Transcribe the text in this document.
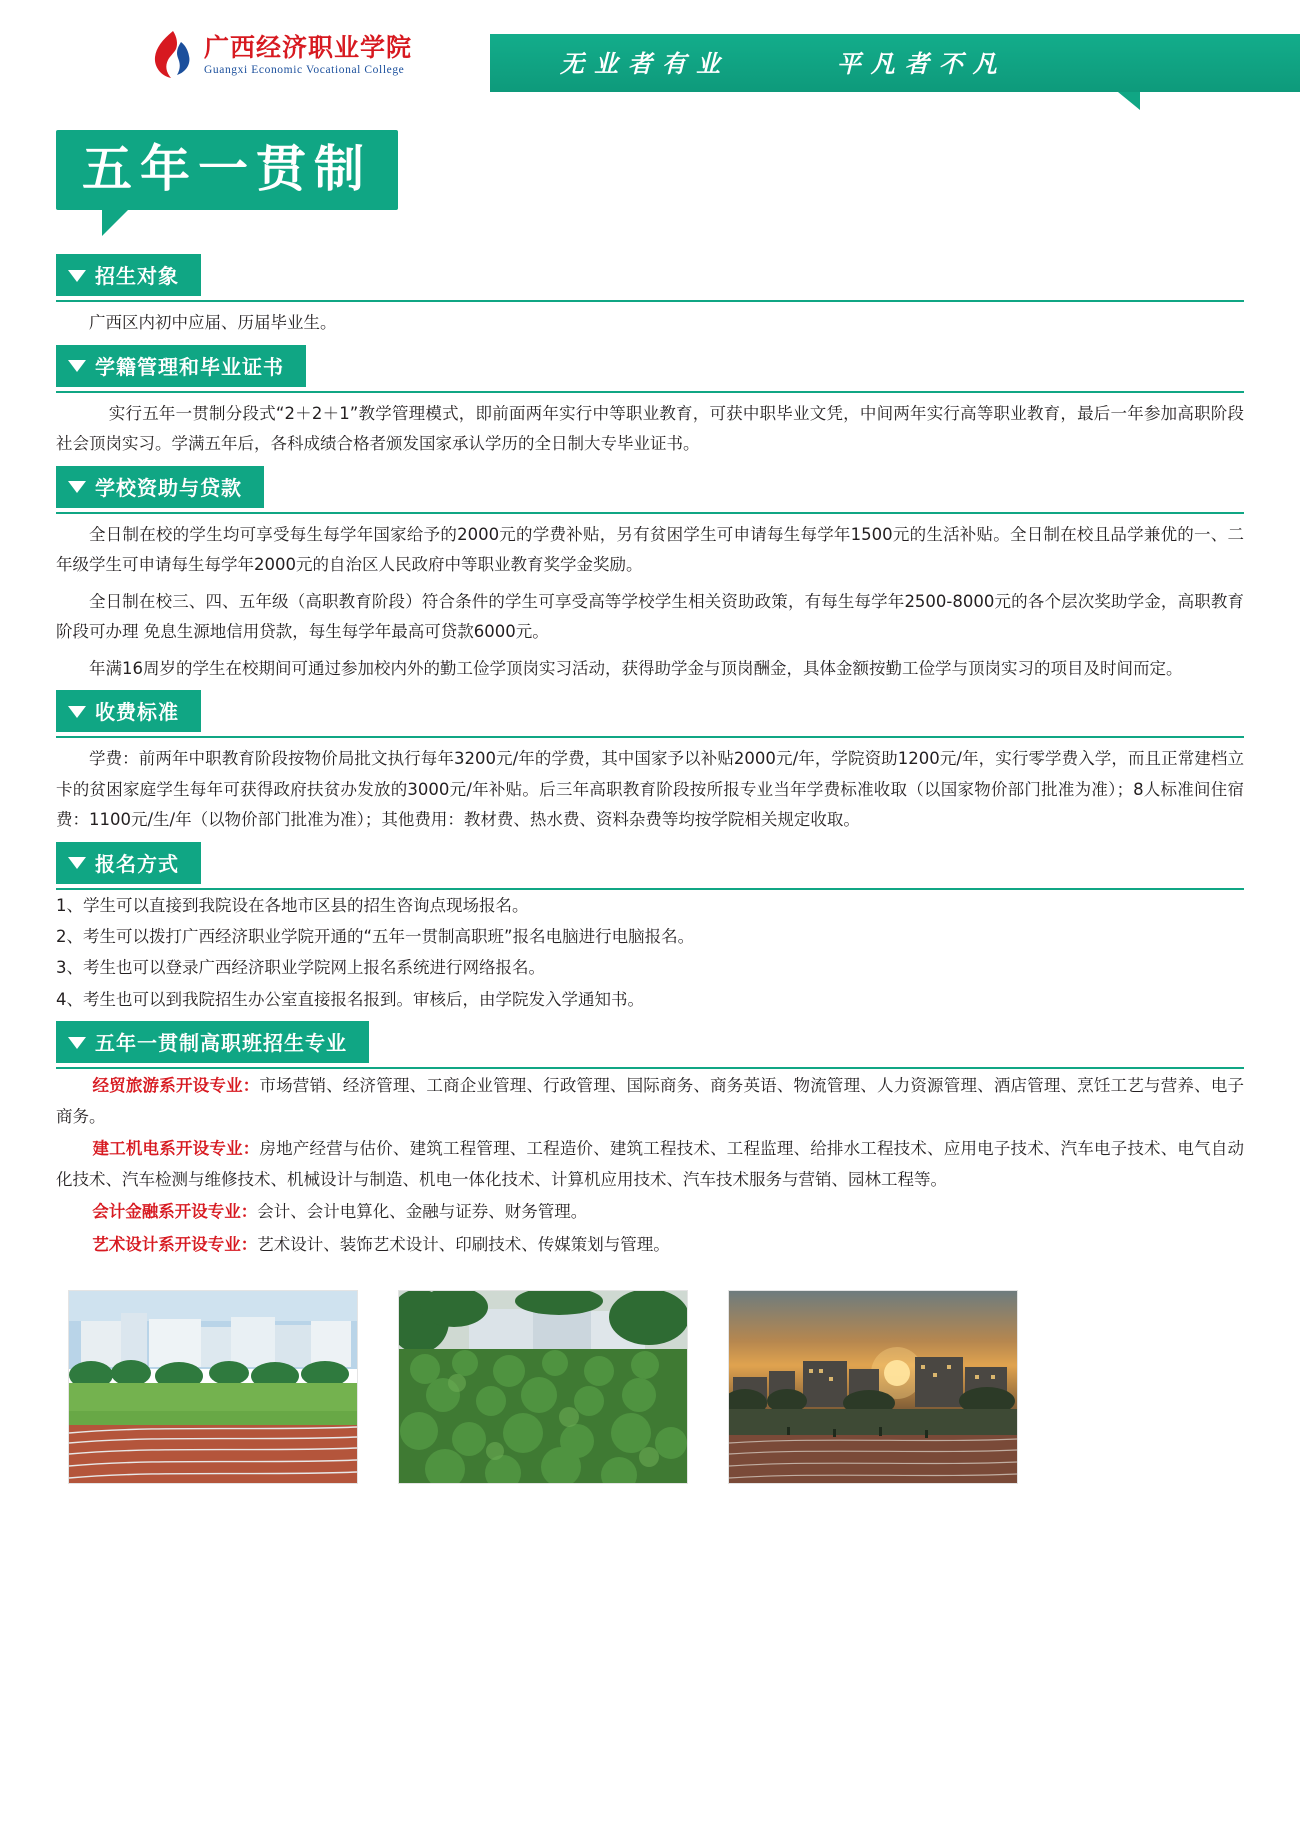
广西经济职业学院
Guangxi Economic Vocational College	无业者有业	平凡者不凡
五年一贯制
招生对象

广西区内初中应届、历届毕业生。

学籍管理和毕业证书

实行五年一贯制分段式“2＋2＋1”教学管理模式，即前面两年实行中等职业教育，可获中职毕业文凭，中间两年实行高等职业教育，最后一年参加高职阶段社会顶岗实习。学满五年后，各科成绩合格者颁发国家承认学历的全日制大专毕业证书。

学校资助与贷款

全日制在校的学生均可享受每生每学年国家给予的2000元的学费补贴，另有贫困学生可申请每生每学年1500元的生活补贴。全日制在校且品学兼优的一、二年级学生可申请每生每学年2000元的自治区人民政府中等职业教育奖学金奖励。

全日制在校三、四、五年级（高职教育阶段）符合条件的学生可享受高等学校学生相关资助政策，有每生每学年2500-8000元的各个层次奖助学金，高职教育阶段可办理 免息生源地信用贷款，每生每学年最高可贷款6000元。

年满16周岁的学生在校期间可通过参加校内外的勤工俭学顶岗实习活动，获得助学金与顶岗酬金，具体金额按勤工俭学与顶岗实习的项目及时间而定。

收费标准

学费：前两年中职教育阶段按物价局批文执行每年3200元/年的学费，其中国家予以补贴2000元/年，学院资助1200元/年，实行零学费入学，而且正常建档立卡的贫困家庭学生每年可获得政府扶贫办发放的3000元/年补贴。后三年高职教育阶段按所报专业当年学费标准收取（以国家物价部门批准为准）；8人标准间住宿费：1100元/生/年（以物价部门批准为准）；其他费用：教材费、热水费、资料杂费等均按学院相关规定收取。

报名方式

1、学生可以直接到我院设在各地市区县的招生咨询点现场报名。

2、考生可以拨打广西经济职业学院开通的“五年一贯制高职班”报名电脑进行电脑报名。

3、考生也可以登录广西经济职业学院网上报名系统进行网络报名。

4、考生也可以到我院招生办公室直接报名报到。审核后，由学院发入学通知书。

五年一贯制高职班招生专业

经贸旅游系开设专业：市场营销、经济管理、工商企业管理、行政管理、国际商务、商务英语、物流管理、人力资源管理、酒店管理、烹饪工艺与营养、电子商务。

建工机电系开设专业：房地产经营与估价、建筑工程管理、工程造价、建筑工程技术、工程监理、给排水工程技术、应用电子技术、汽车电子技术、电气自动化技术、汽车检测与维修技术、机械设计与制造、机电一体化技术、计算机应用技术、汽车技术服务与营销、园林工程等。

会计金融系开设专业：会计、会计电算化、金融与证券、财务管理。

艺术设计系开设专业：艺术设计、装饰艺术设计、印刷技术、传媒策划与管理。
